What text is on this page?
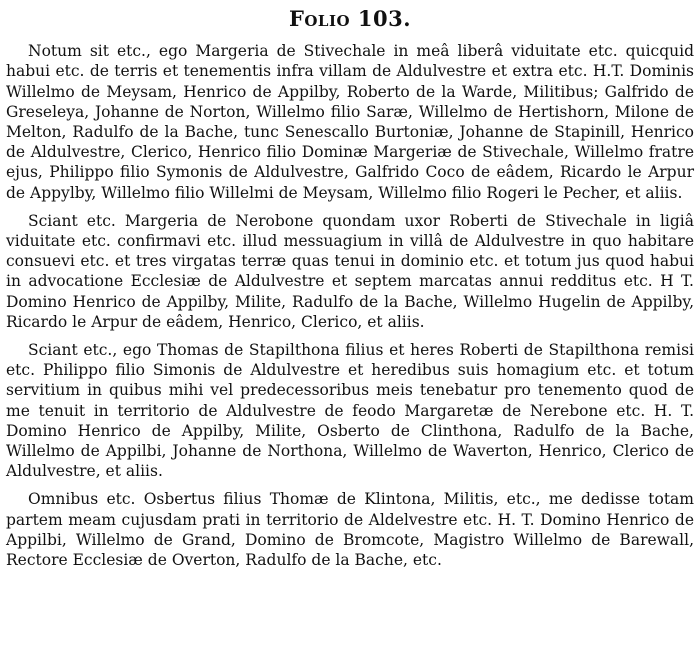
Folio 103.

Notum sit etc., ego Margeria de Stivechale in meâ liberâ viduitate etc. quicquid habui etc. de terris et tenementis infra villam de Aldulvestre et extra etc. H.T. Dominis Willelmo de Meysam, Henrico de Appilby, Roberto de la Warde, Militibus; Galfrido de Greseleya, Johanne de Norton, Willelmo filio Saræ, Willelmo de Hertishorn, Milone de Melton, Radulfo de la Bache, tunc Senescallo Burtoniæ, Johanne de Stapinill, Henrico de Aldulvestre, Clerico, Henrico filio Dominæ Margeriæ de Stivechale, Willelmo fratre ejus, Philippo filio Symonis de Aldulvestre, Galfrido Coco de eâdem, Ricardo le Arpur de Appylby, Willelmo filio Willelmi de Meysam, Willelmo filio Rogeri le Pecher, et aliis.

Sciant etc. Margeria de Nerobone quondam uxor Roberti de Stivechale in ligiâ viduitate etc. confirmavi etc. illud messuagium in villâ de Aldulvestre in quo habitare consuevi etc. et tres virgatas terræ quas tenui in dominio etc. et totum jus quod habui in advocatione Ecclesiæ de Aldulvestre et septem marcatas annui redditus etc. H T. Domino Henrico de Appilby, Milite, Radulfo de la Bache, Willelmo Hugelin de Appilby, Ricardo le Arpur de eâdem, Henrico, Clerico, et aliis.

Sciant etc., ego Thomas de Stapilthona filius et heres Roberti de Stapilthona remisi etc. Philippo filio Simonis de Aldulvestre et heredibus suis homagium etc. et totum servitium in quibus mihi vel predecessoribus meis tenebatur pro tenemento quod de me tenuit in territorio de Aldulvestre de feodo Margaretæ de Nerebone etc. H. T. Domino Henrico de Appilby, Milite, Osberto de Clinthona, Radulfo de la Bache, Willelmo de Appilbi, Johanne de Northona, Willelmo de Waverton, Henrico, Clerico de Aldulvestre, et aliis.

Omnibus etc. Osbertus filius Thomæ de Klintona, Militis, etc., me dedisse totam partem meam cujusdam prati in territorio de Aldelvestre etc. H. T. Domino Henrico de Appilbi, Willelmo de Grand, Domino de Bromcote, Magistro Willelmo de Barewall, Rectore Ecclesiæ de Overton, Radulfo de la Bache, etc.
